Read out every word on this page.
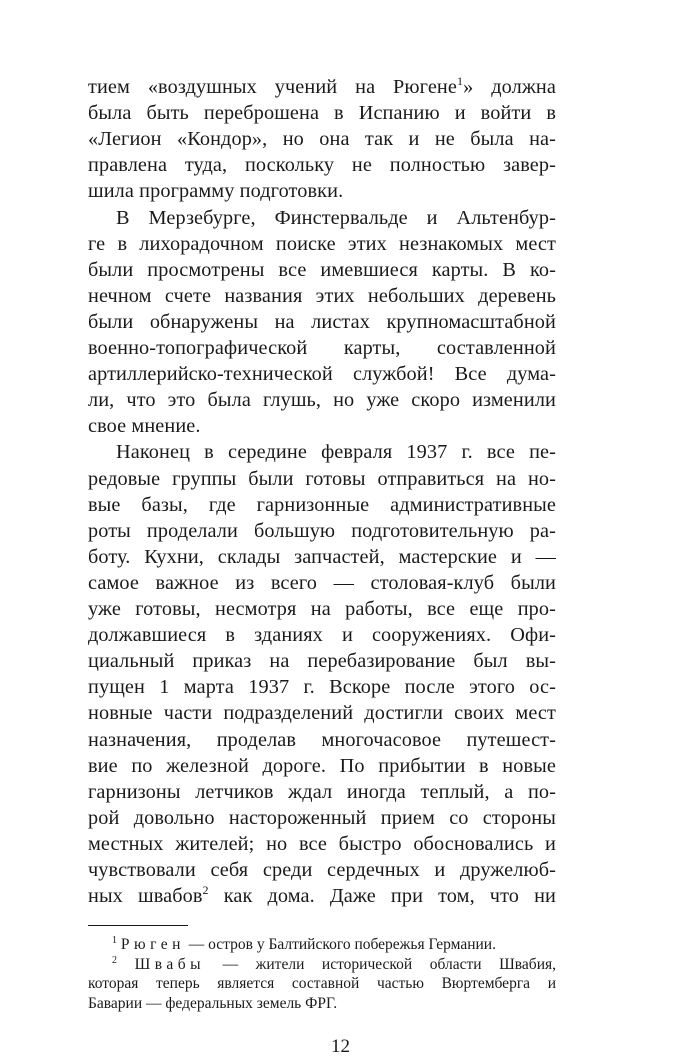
тием «воздушных учений на Рюгене$^1$» должна
была быть переброшена в Испанию и войти в
«Легион «Кондор», но она так и не была на-
правлена туда, поскольку не полностью завер-
шила программу подготовки.
В Мерзебурге, Финстервальде и Альтенбур-
ге в лихорадочном поиске этих незнакомых мест
были просмотрены все имевшиеся карты. В ко-
нечном счете названия этих небольших деревень
были обнаружены на листах крупномасштабной
военно-топографической карты, составленной
артиллерийско-технической службой! Все дума-
ли, что это была глушь, но уже скоро изменили
свое мнение.
Наконец в середине февраля 1937 г. все пе-
редовые группы были готовы отправиться на но-
вые базы, где гарнизонные административные
роты проделали большую подготовительную ра-
боту. Кухни, склады запчастей, мастерские и —
самое важное из всего — столовая-клуб были
уже готовы, несмотря на работы, все еще про-
должавшиеся в зданиях и сооружениях. Офи-
циальный приказ на перебазирование был вы-
пущен 1 марта 1937 г. Вскоре после этого ос-
новные части подразделений достигли своих мест
назначения, проделав многочасовое путешест-
вие по железной дороге. По прибытии в новые
гарнизоны летчиков ждал иногда теплый, а по-
рой довольно настороженный прием со стороны
местных жителей; но все быстро обосновались и
чувствовали себя среди сердечных и дружелюб-
ных швабов$^2$ как дома. Даже при том, что ни
$^1$ Рюген — остров у Балтийского побережья Германии.
$^2$ Швабы — жители исторической области Швабия,
которая теперь является составной частью Вюртемберга и
Баварии — федеральных земель ФРГ.
12
